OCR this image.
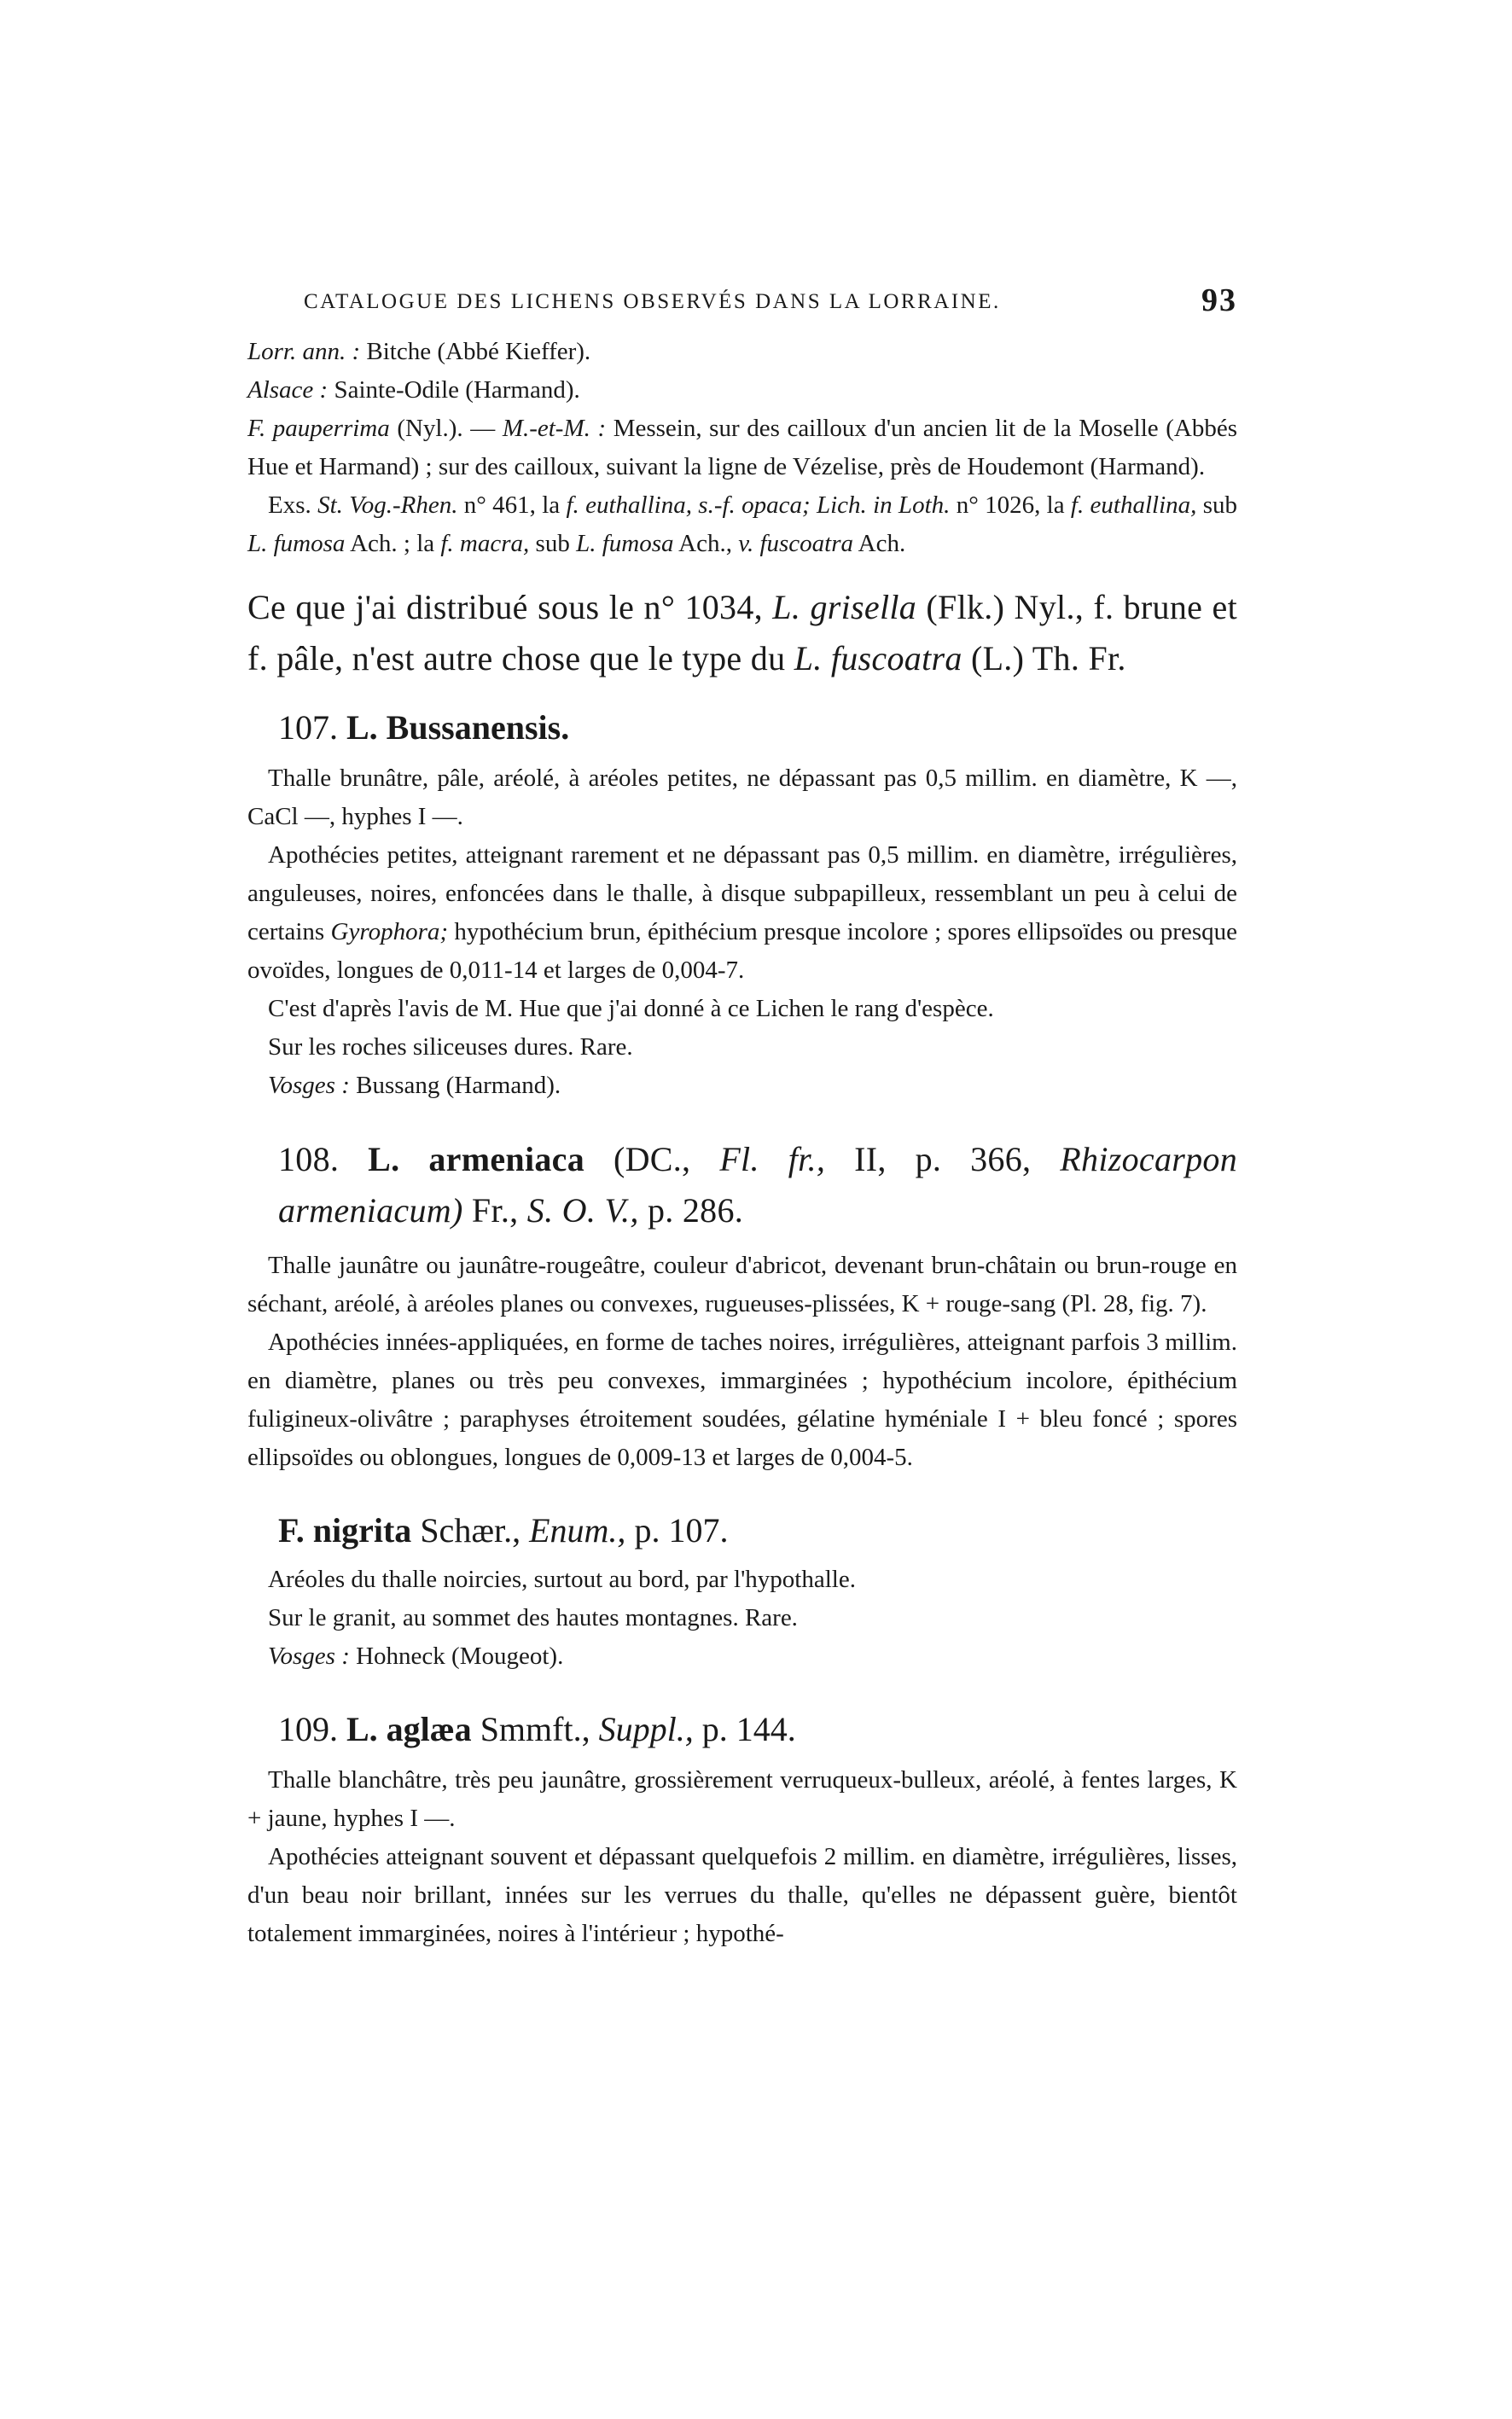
CATALOGUE DES LICHENS OBSERVÉS DANS LA LORRAINE.	93

Lorr. ann. : Bitche (Abbé Kieffer).

Alsace : Sainte-Odile (Harmand).

F. pauperrima (Nyl.). — M.-et-M. : Messein, sur des cailloux d'un ancien lit de la Moselle (Abbés Hue et Harmand) ; sur des cailloux, suivant la ligne de Vézelise, près de Houdemont (Harmand).

Exs. St. Vog.-Rhen. n° 461, la f. euthallina, s.-f. opaca; Lich. in Loth. n° 1026, la f. euthallina, sub L. fumosa Ach. ; la f. macra, sub L. fumosa Ach., v. fuscoatra Ach.

Ce que j'ai distribué sous le n° 1034, L. grisella (Flk.) Nyl., f. brune et f. pâle, n'est autre chose que le type du L. fuscoatra (L.) Th. Fr.

107. L. Bussanensis.

Thalle brunâtre, pâle, aréolé, à aréoles petites, ne dépassant pas 0,5 millim. en diamètre, K —, CaCl —, hyphes I —.

Apothécies petites, atteignant rarement et ne dépassant pas 0,5 millim. en diamètre, irrégulières, anguleuses, noires, enfoncées dans le thalle, à disque subpapilleux, ressemblant un peu à celui de certains Gyrophora; hypothécium brun, épithécium presque incolore ; spores ellipsoïdes ou presque ovoïdes, longues de 0,011-14 et larges de 0,004-7.

C'est d'après l'avis de M. Hue que j'ai donné à ce Lichen le rang d'espèce.

Sur les roches siliceuses dures. Rare.

Vosges : Bussang (Harmand).

108. L. armeniaca (DC., Fl. fr., II, p. 366, Rhizocarpon armeniacum) Fr., S. O. V., p. 286.

Thalle jaunâtre ou jaunâtre-rougeâtre, couleur d'abricot, devenant brun-châtain ou brun-rouge en séchant, aréolé, à aréoles planes ou convexes, rugueuses-plissées, K + rouge-sang (Pl. 28, fig. 7).

Apothécies innées-appliquées, en forme de taches noires, irrégulières, atteignant parfois 3 millim. en diamètre, planes ou très peu convexes, immarginées ; hypothécium incolore, épithécium fuligineux-olivâtre ; paraphyses étroitement soudées, gélatine hyméniale I + bleu foncé ; spores ellipsoïdes ou oblongues, longues de 0,009-13 et larges de 0,004-5.

F. nigrita Schær., Enum., p. 107.

Aréoles du thalle noircies, surtout au bord, par l'hypothalle.

Sur le granit, au sommet des hautes montagnes. Rare.

Vosges : Hohneck (Mougeot).

109. L. aglæa Smmft., Suppl., p. 144.

Thalle blanchâtre, très peu jaunâtre, grossièrement verruqueux-bulleux, aréolé, à fentes larges, K + jaune, hyphes I —.

Apothécies atteignant souvent et dépassant quelquefois 2 millim. en diamètre, irrégulières, lisses, d'un beau noir brillant, innées sur les verrues du thalle, qu'elles ne dépassent guère, bientôt totalement immarginées, noires à l'intérieur ; hypothé-
